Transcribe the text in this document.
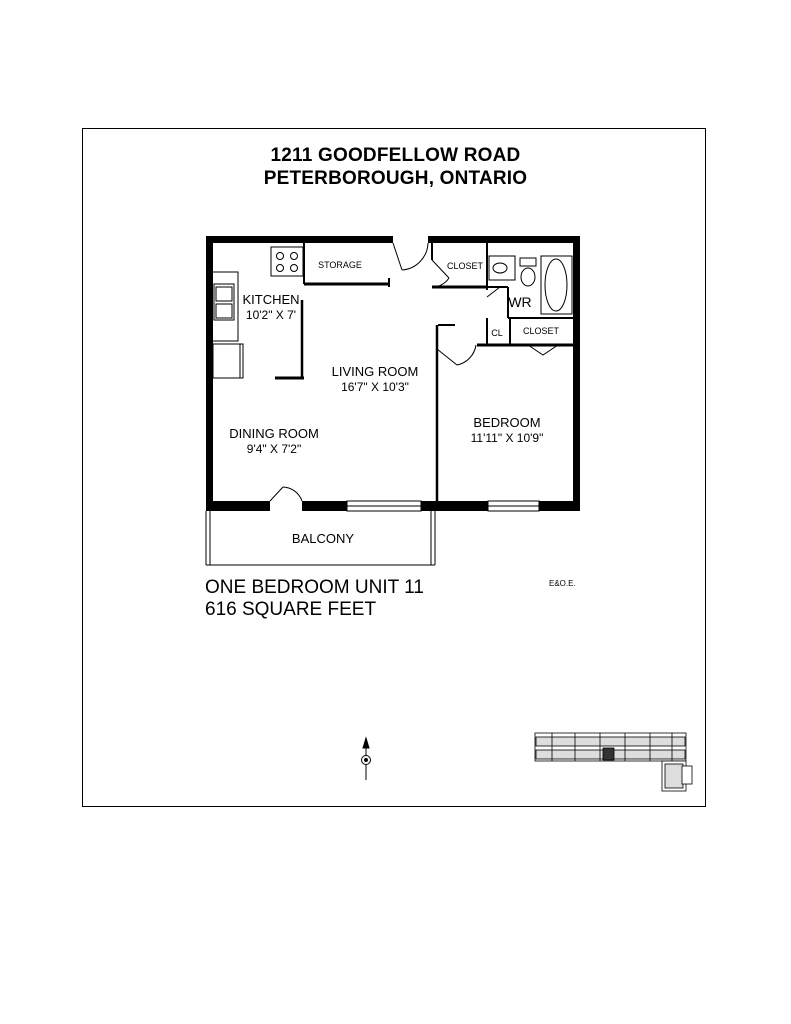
1211 GOODFELLOW ROAD
PETERBOROUGH, ONTARIO
STORAGE	CLOSET
WR
CL CLOSET
KITCHEN
10'2" X 7'
LIVING ROOM
16'7" X 10'3"
DINING ROOM
9'4" X 7'2"
BEDROOM
11'11" X 10'9"
BALCONY
ONE BEDROOM UNIT 11
616 SQUARE FEET
E&O.E.
